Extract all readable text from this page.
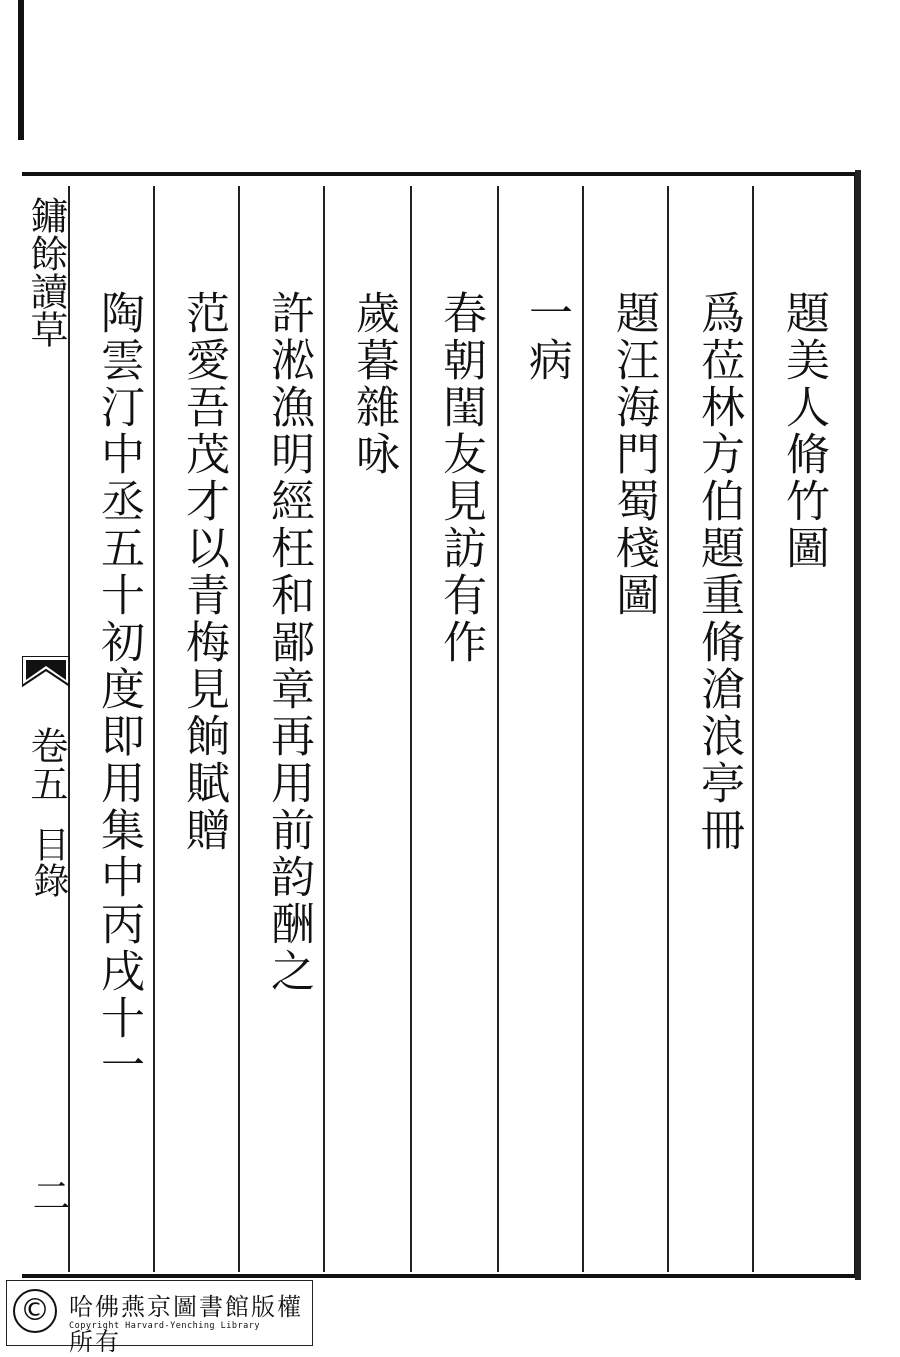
鏞餘讀草
卷五
目錄
二
題美人脩竹圖
爲莅林方伯題重脩滄浪亭冊
題汪海門蜀棧圖
一病
春朝閨友見訪有作
歲暮雜咏
許淞漁明經枉和鄙章再用前韵酬之
范愛吾茂才以青梅見餉賦贈
陶雲汀中丞五十初度即用集中丙戌十一
© 哈佛燕京圖書館版權所有
Copyright Harvard-Yenching Library
